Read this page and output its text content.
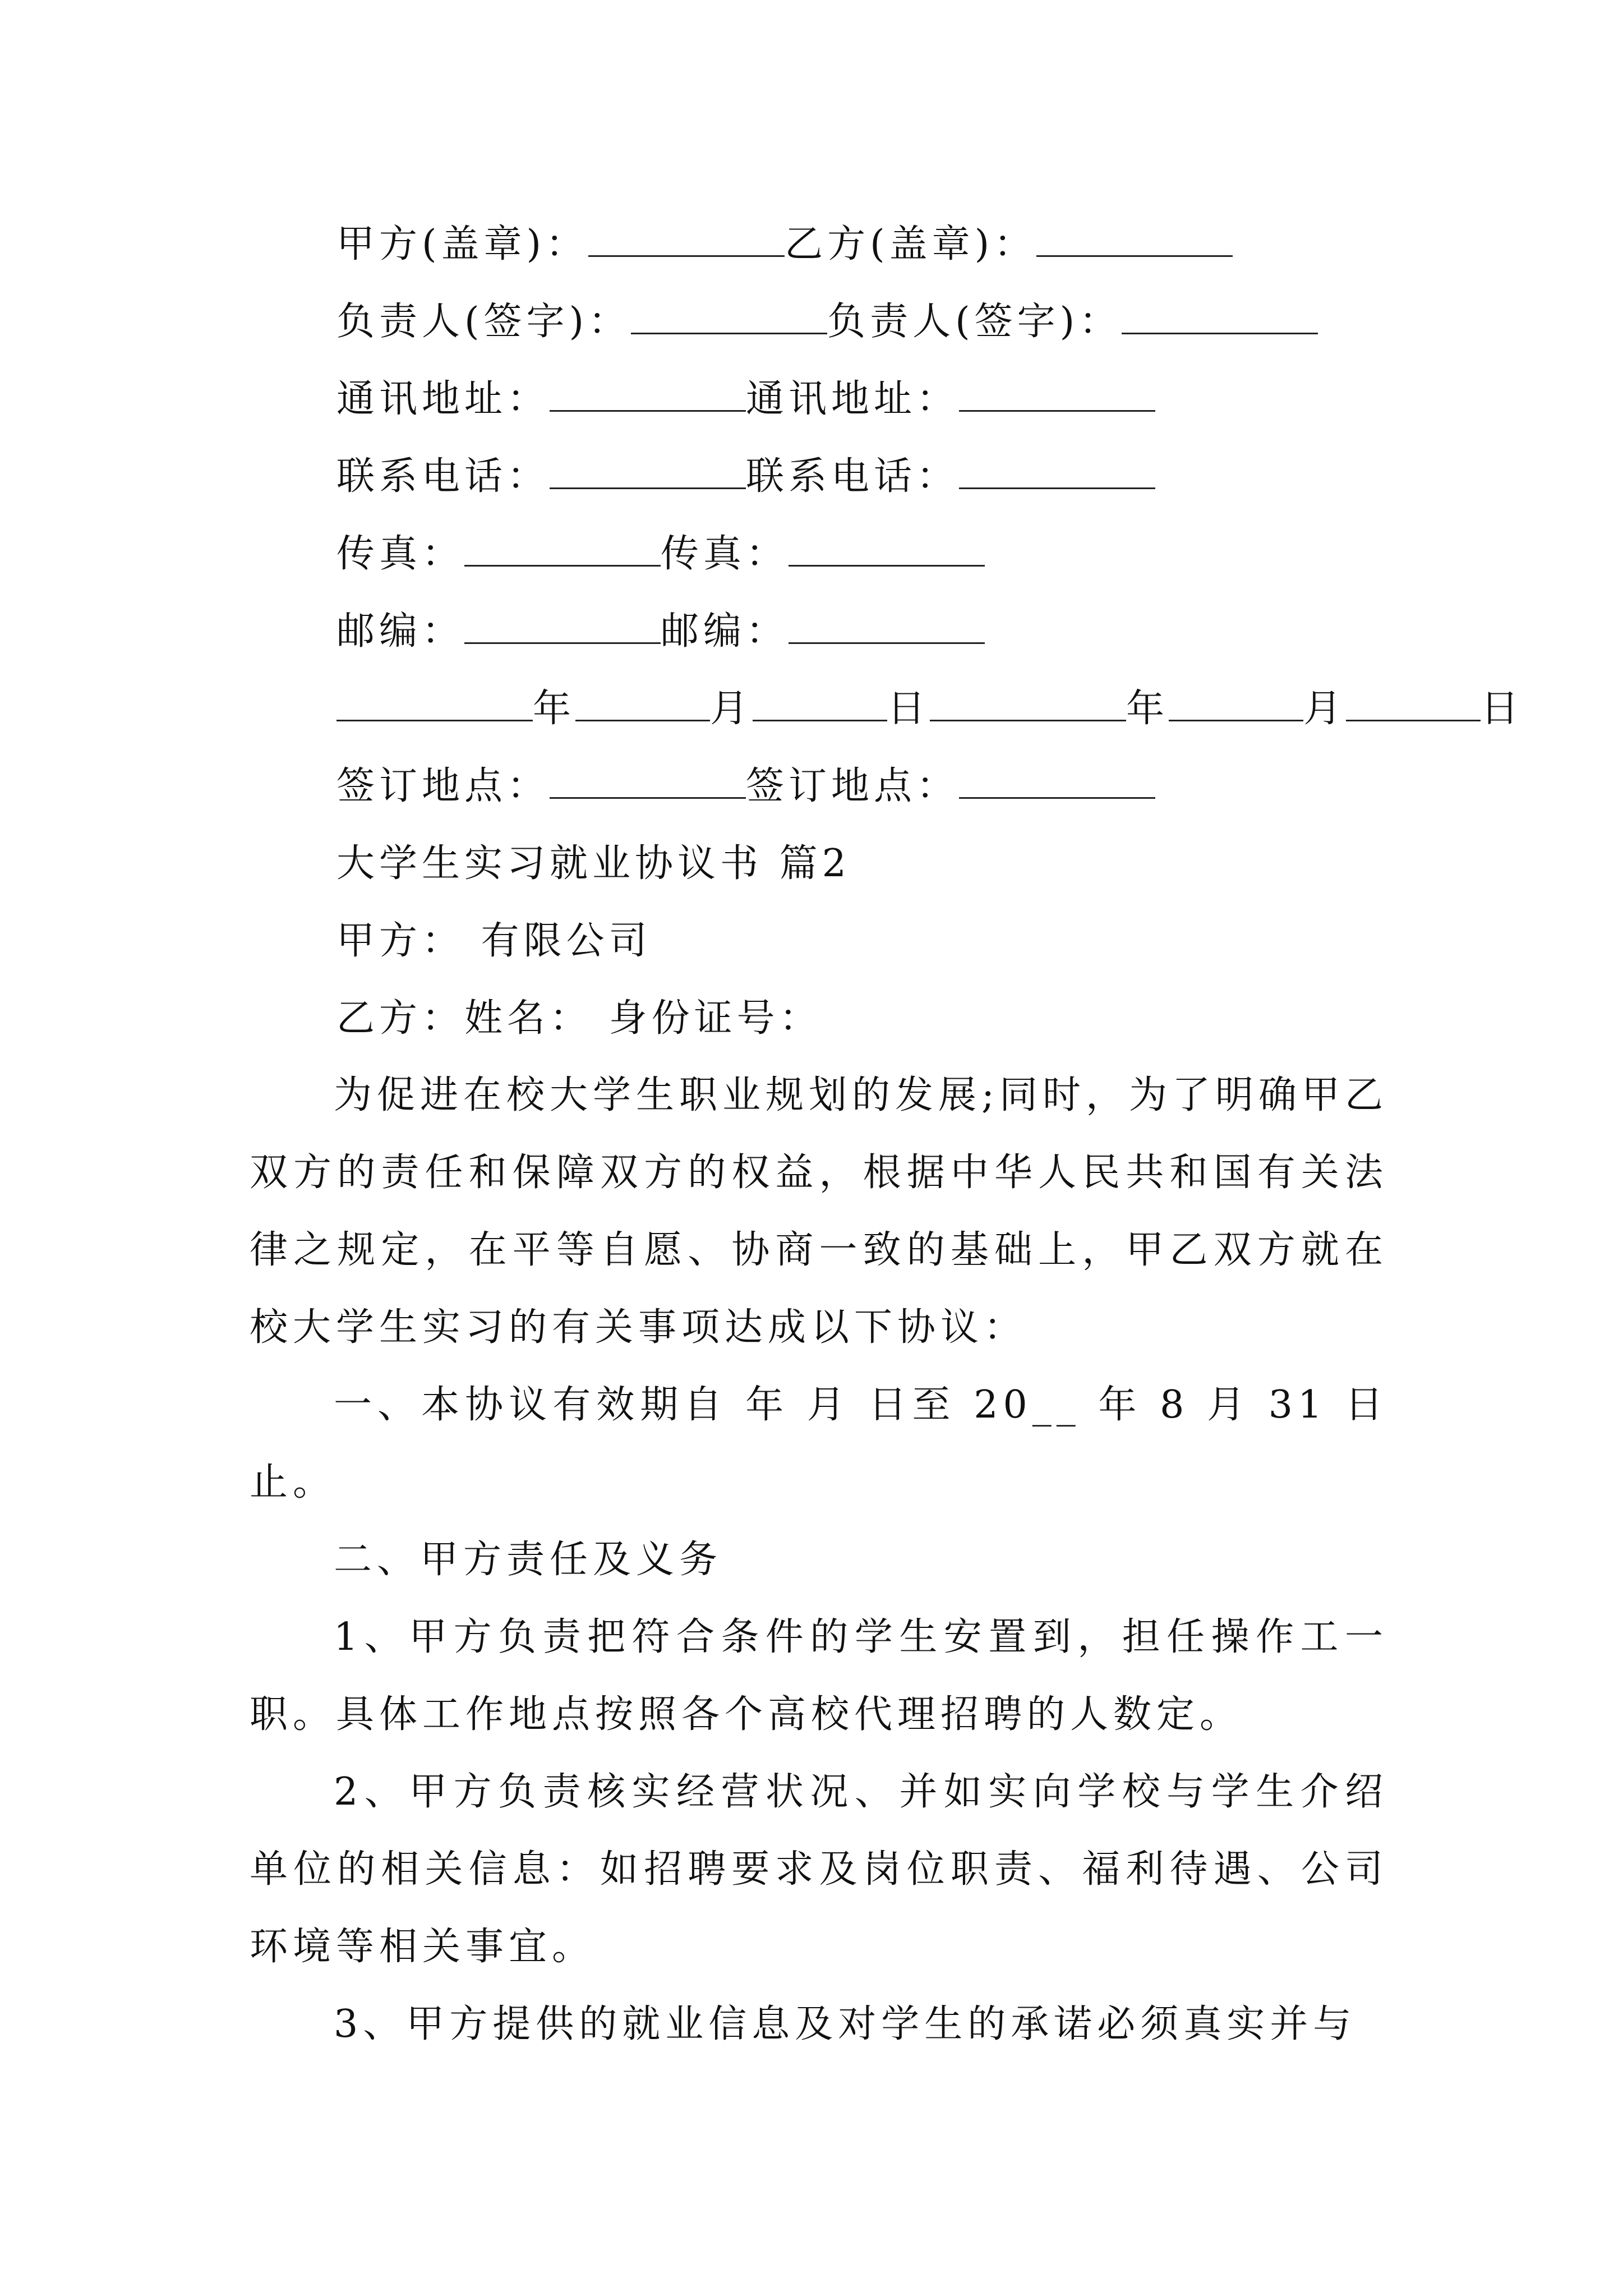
甲方(盖章)：	乙方(盖章)：
负责人(签字)：	负责人(签字)：
通讯地址：	通讯地址：
联系电话：	联系电话：
传真：	传真：
邮编：	邮编：
年	月	日	年	月	日
签订地点：	签订地点：
大学生实习就业协议书 篇2
甲方： 有限公司
乙方：姓名： 身份证号：
为促进在校大学生职业规划的发展;同时，为了明确甲乙双方的责任和保障双方的权益，根据中华人民共和国有关法律之规定，在平等自愿、协商一致的基础上，甲乙双方就在校大学生实习的有关事项达成以下协议：
一、本协议有效期自 年 月 日至 20__ 年 8 月 31 日止。
二、甲方责任及义务
1、甲方负责把符合条件的学生安置到，担任操作工一职。具体工作地点按照各个高校代理招聘的人数定。
2、甲方负责核实经营状况、并如实向学校与学生介绍单位的相关信息：如招聘要求及岗位职责、福利待遇、公司环境等相关事宜。
3、甲方提供的就业信息及对学生的承诺必须真实并与
